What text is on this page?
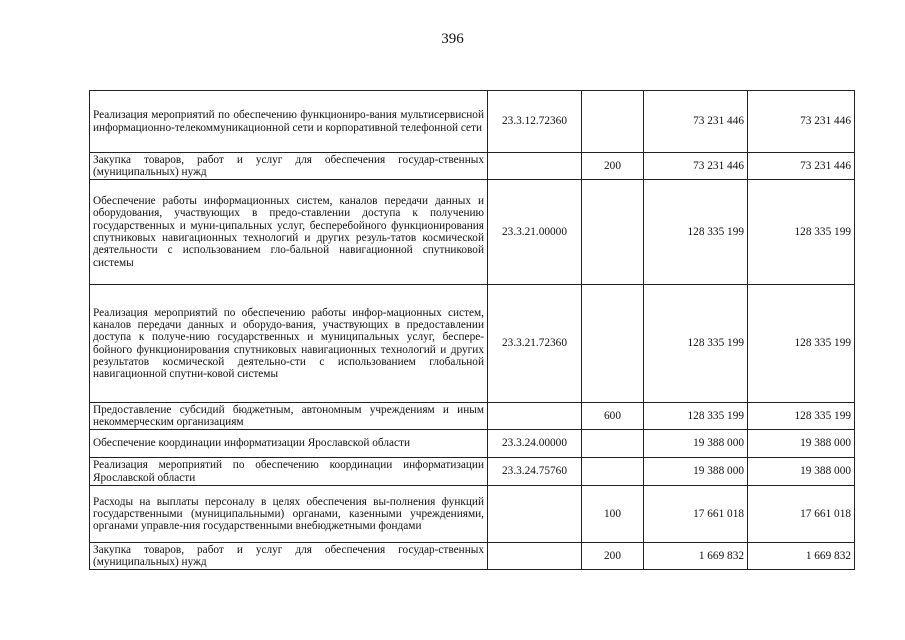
396
Реализация мероприятий по обеспечению функциониро-вания мультисервисной информационно-телекоммуникационной сети и корпоративной телефонной сети	23.3.12.72360		73 231 446	73 231 446
Закупка товаров, работ и услуг для обеспечения государ-ственных (муниципальных) нужд		200	73 231 446	73 231 446
Обеспечение работы информационных систем, каналов передачи данных и оборудования, участвующих в предо-ставлении доступа к получению государственных и муни-ципальных услуг, бесперебойного функционирования спутниковых навигационных технологий и других резуль-татов космической деятельности с использованием гло-бальной навигационной спутниковой системы	23.3.21.00000		128 335 199	128 335 199
Реализация мероприятий по обеспечению работы инфор-мационных систем, каналов передачи данных и оборудо-вания, участвующих в предоставлении доступа к получе-нию государственных и муниципальных услуг, беспере-бойного функционирования спутниковых навигационных технологий и других результатов космической деятельно-сти с использованием глобальной навигационной спутни-ковой системы	23.3.21.72360		128 335 199	128 335 199
Предоставление субсидий бюджетным, автономным учреждениям и иным некоммерческим организациям		600	128 335 199	128 335 199
Обеспечение координации информатизации Ярославской области	23.3.24.00000		19 388 000	19 388 000
Реализация мероприятий по обеспечению координации информатизации Ярославской области	23.3.24.75760		19 388 000	19 388 000
Расходы на выплаты персоналу в целях обеспечения вы-полнения функций государственными (муниципальными) органами, казенными учреждениями, органами управле-ния государственными внебюджетными фондами		100	17 661 018	17 661 018
Закупка товаров, работ и услуг для обеспечения государ-ственных (муниципальных) нужд		200	1 669 832	1 669 832
